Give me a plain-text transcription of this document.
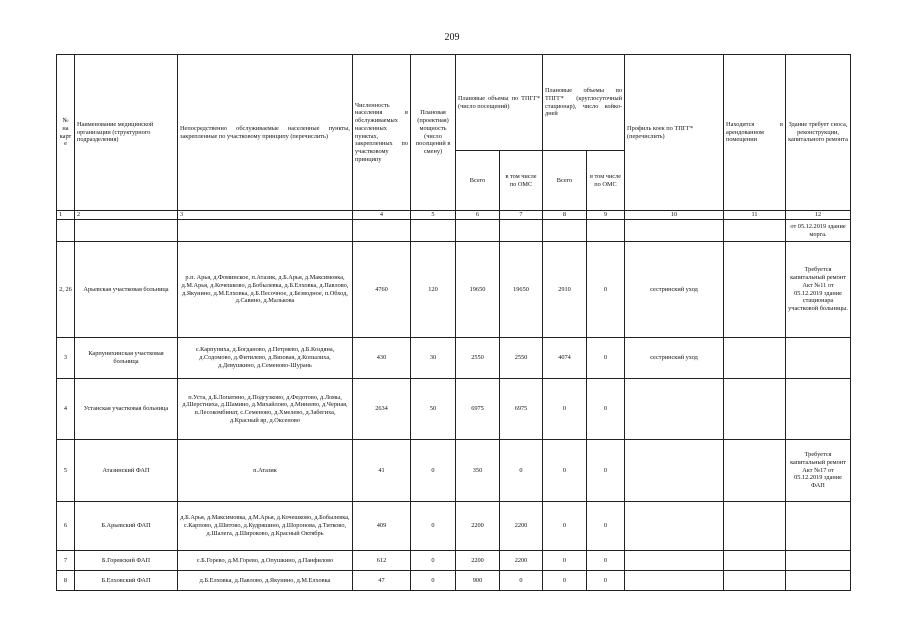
209
№ на карте	Наименование медицинской организации (структурного подразделения)	Непосредственно обслуживаемые населенные пункты, закрепленные по участковому принципу (перечислить)	Численность населения в обслуживаемых населенных пунктах, закрепленных по участковому принципу	Плановая (проектная) мощность (число посещений в смену)	Плановые объемы по ТПГГ* (число посещений)		Плановые объемы по ТПГГ* (круглосуточный стационар), число койко-дней		Профиль коек по ТПГГ* (перечислить)	Находится в арендованном помещении	Здание требует сноса, реконструкции, капитального ремонта
					Всего	в том числе по ОМС	Всего	в том числе по ОМС			
1	2	3	4	5	6	7	8	9	10	11	12
											от 05.12.2019 здание морга.
2, 26	Арьевская участковая больница	р.п. Арья, д.Фоминское, п.Атазик, д.Б.Арья, д.Максимовка, д.М.Арья, д.Кочешково, д.Бобылевка, д.Б.Елховка, д.Павлово, д.Якунино, д.М.Елховка, д.Б.Песочное, д.Безводное, п.Обход, д.Савино, д.Малькова	4760	120	19650	19650	2910	0	сестринский уход		Требуется капитальный ремонт Акт №11 от 05.12.2019 здание стационара участковой больницы.
3	Карпунихинская участковая больница	с.Карпуниха, д.Богданово, д.Петряево, д.Б.Коздяна, д.Содомово, д.Фитилево, д.Вязовая, д.Копылиха, д.Девушкино, д.Семеново-Шурань	430	30	2550	2550	4074	0	сестринский уход		
4	Устанская участковая больница	п.Уста, д.Б.Лопатино, д.Подгузково, д.Федотово, д.Ломы, д.Шерстниха, д.Шамино, д.Михайлово, д.Минеево, д.Черная, п.Лесокомбинат, с.Семеново, д.Хмелево, д.Забегиха, д.Красный яр, д.Оксеново	2634	50	6975	6975	0	0			
5	Атазинский ФАП	п.Атазик	41	0	350	0	0	0			Требуется капитальный ремонт Акт №17 от 05.12.2019 здание ФАП
6	Б.Арьевский ФАП	д.Б.Арья, д.Максимовка, д.М.Арья, д.Кочешково, д.Бобылевка, с.Карпово, д.Шитово, д.Кудряшино, д.Шоронова, д.Титково, д.Шалега, д.Широково, д.Красный Октябрь	409	0	2200	2200	0	0			
7	Б.Горевский ФАП	с.Б.Горево, д.М.Горево, д.Опушкино, д.Панфилово	612	0	2200	2200	0	0			
8	Б.Елховский ФАП	д.Б.Елховка, д.Павлово, д.Якунино, д.М.Елховка	47	0	900	0	0	0			
